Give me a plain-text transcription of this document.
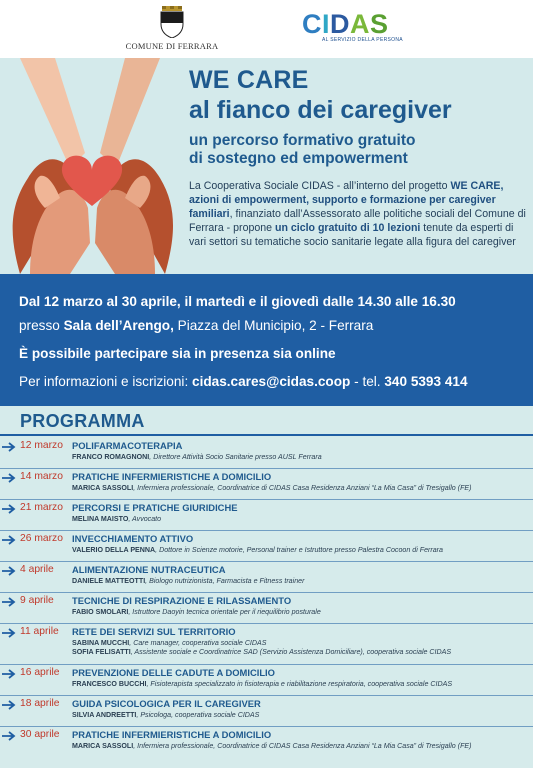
COMUNE DI FERRARA
CIDAS
AL SERVIZIO DELLA PERSONA
WE CARE
al fianco dei caregiver
un percorso formativo gratuito
di sostegno ed empowerment
La Cooperativa Sociale CIDAS - all’interno del progetto WE CARE, azioni di empowerment, supporto e formazione per caregiver familiari, finanziato dall’Assessorato alle politiche sociali del Comune di Ferrara - propone un ciclo gratuito di 10 lezioni tenute da esperti di vari settori su tematiche socio sanitarie legate alla figura del caregiver
Dal 12 marzo al 30 aprile, il martedì e il giovedì dalle 14.30 alle 16.30
presso Sala dell’Arengo, Piazza del Municipio, 2 - Ferrara
È possibile partecipare sia in presenza sia online
Per informazioni e iscrizioni: cidas.cares@cidas.coop - tel. 340 5393 414
PROGRAMMA
12 marzo POLIFARMACOTERAPIA
FRANCO ROMAGNONI, Direttore Attività Socio Sanitarie presso AUSL Ferrara
14 marzo PRATICHE INFERMIERISTICHE A DOMICILIO
MARICA SASSOLI, Infermiera professionale, Coordinatrice di CIDAS Casa Residenza Anziani “La Mia Casa” di Tresigallo (FE)
21 marzo PERCORSI E PRATICHE GIURIDICHE
MELINA MAISTO, Avvocato
26 marzo INVECCHIAMENTO ATTIVO
VALERIO DELLA PENNA, Dottore in Scienze motorie, Personal trainer e Istruttore presso Palestra Cocoon di Ferrara
4 aprile ALIMENTAZIONE NUTRACEUTICA
DANIELE MATTEOTTI, Biologo nutrizionista, Farmacista e Fitness trainer
9 aprile TECNICHE DI RESPIRAZIONE E RILASSAMENTO
FABIO SMOLARI, Istruttore Daoyin tecnica orientale per il riequilibrio posturale
11 aprile RETE DEI SERVIZI SUL TERRITORIO
SABINA MUCCHI, Care manager, cooperativa sociale CIDAS
SOFIA FELISATTI, Assistente sociale e Coordinatrice SAD (Servizio Assistenza Domiciliare), cooperativa sociale CIDAS
16 aprile PREVENZIONE DELLE CADUTE A DOMICILIO
FRANCESCO BUCCHI, Fisioterapista specializzato in fisioterapia e riabilitazione respiratoria, cooperativa sociale CIDAS
18 aprile GUIDA PSICOLOGICA PER IL CAREGIVER
SILVIA ANDREETTI, Psicologa, cooperativa sociale CIDAS
30 aprile PRATICHE INFERMIERISTICHE A DOMICILIO
MARICA SASSOLI, Infermiera professionale, Coordinatrice di CIDAS Casa Residenza Anziani “La Mia Casa” di Tresigallo (FE)
